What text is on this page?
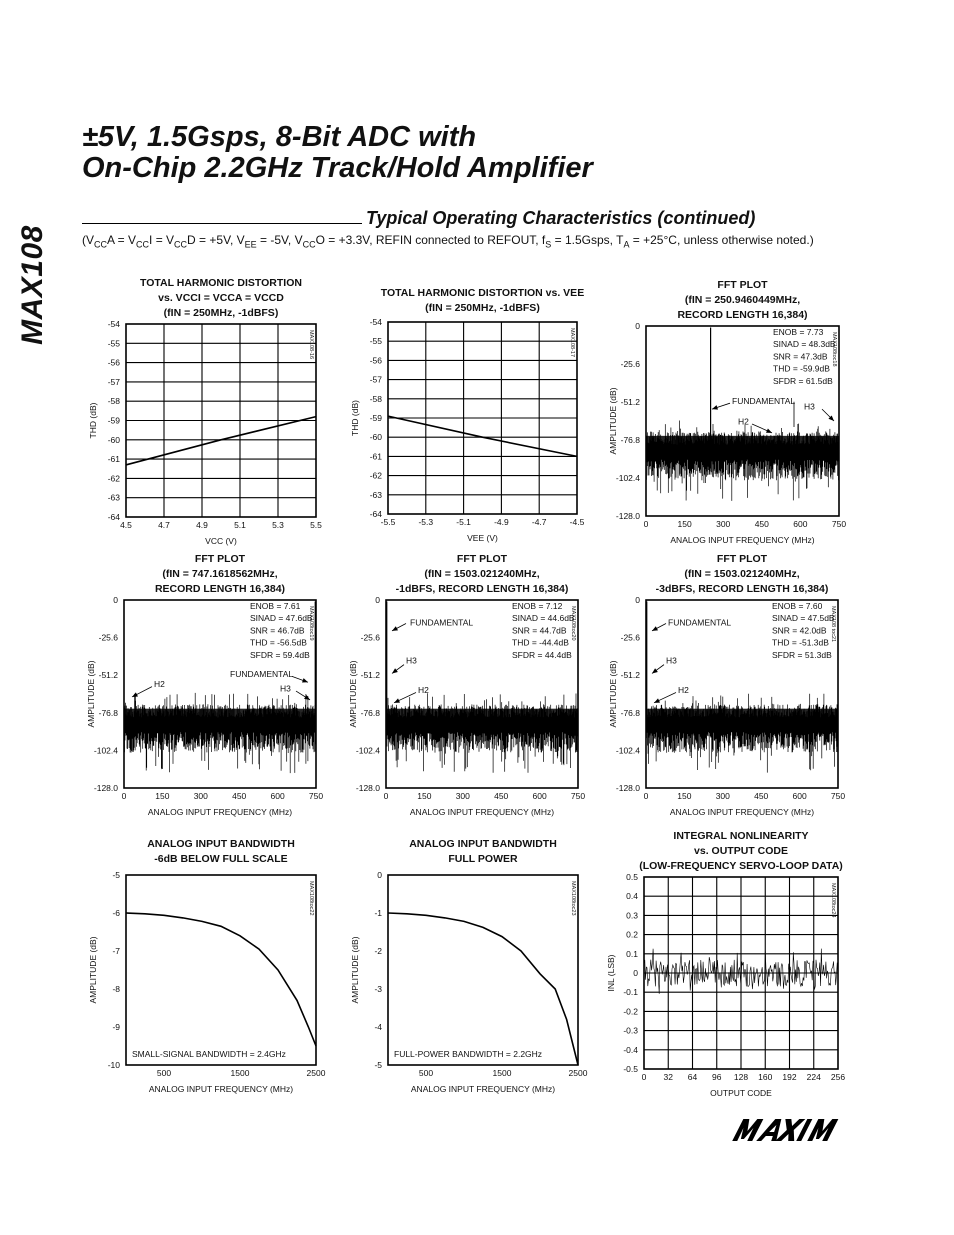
MAX108
±5V, 1.5Gsps, 8-Bit ADC with
On-Chip 2.2GHz Track/Hold Amplifier
Typical Operating Characteristics (continued)
($V_{CC}A = V_{CC}I = V_{CC}D = +5V$, $V_{EE} = -5V$, $V_{CC}O = +3.3V$, REFIN connected to REFOUT, $f_S$ = 1.5Gsps, $T_A = +25^\circ C$, unless otherwise noted.)
TOTAL HARMONIC DISTORTION
vs. VCCI = VCCA = VCCD
(fIN = 250MHz, -1dBFS)
-54
-55
-56
-57
-58
-59
-60
-61
-62
-63
-64
4.5	4.7	4.9	5.1	5.3	5.5
VCC (V)
THD (dB)
MAX108-16
TOTAL HARMONIC DISTORTION vs. VEE
(fIN = 250MHz, -1dBFS)
-54
-55
-56
-57
-58
-59
-60
-61
-62
-63
-64
-5.5	-5.3	-5.1	-4.9	-4.7	-4.5
VEE (V)
THD (dB)
MAX108-17
FFT PLOT
(fIN = 250.9460449MHz,
RECORD LENGTH 16,384)
0
-25.6
-51.2
-76.8
-102.4
-128.0
0	150	300	450	600	750
ANALOG INPUT FREQUENCY (MHz)
AMPLITUDE (dB)
MAX108toc18
ENOB = 7.73
SINAD = 48.3dB
SNR = 47.3dB
THD = -59.9dB
SFDR = 61.5dB
FUNDAMENTAL
H2
H3
FFT PLOT
(fIN = 747.1618562MHz,
RECORD LENGTH 16,384)
0
-25.6
-51.2
-76.8
-102.4
-128.0
0	150	300	450	600	750
ANALOG INPUT FREQUENCY (MHz)
AMPLITUDE (dB)
MAX108toc19
ENOB = 7.61
SINAD = 47.6dB
SNR = 46.7dB
THD = -56.5dB
SFDR = 59.4dB
FUNDAMENTAL
H2	H3
FFT PLOT
(fIN = 1503.021240MHz,
-1dBFS, RECORD LENGTH 16,384)
0
-25.6
-51.2
-76.8
-102.4
-128.0
0	150	300	450	600	750
ANALOG INPUT FREQUENCY (MHz)
AMPLITUDE (dB)
MAX108toc20
ENOB = 7.12
SINAD = 44.6dB
SNR = 44.7dB
THD = -44.4dB
SFDR = 44.4dB
FUNDAMENTAL
H3
H2
FFT PLOT
(fIN = 1503.021240MHz,
-3dBFS, RECORD LENGTH 16,384)
0
-25.6
-51.2
-76.8
-102.4
-128.0
0	150	300	450	600	750
ANALOG INPUT FREQUENCY (MHz)
AMPLITUDE (dB)
MAX108 toc21
ENOB = 7.60
SINAD = 47.5dB
SNR = 42.0dB
THD = -51.3dB
SFDR = 51.3dB
FUNDAMENTAL
H3
H2
ANALOG INPUT BANDWIDTH
-6dB BELOW FULL SCALE
-5
-6
-7
-8
-9
-10
500	1500	2500
ANALOG INPUT FREQUENCY (MHz)
AMPLITUDE (dB)
MAX108toc22
SMALL-SIGNAL BANDWIDTH = 2.4GHz
ANALOG INPUT BANDWIDTH
FULL POWER
0
-1
-2
-3
-4
-5
500	1500	2500
ANALOG INPUT FREQUENCY (MHz)
AMPLITUDE (dB)
MAX108toc23
FULL-POWER BANDWIDTH = 2.2GHz
INTEGRAL NONLINEARITY
vs. OUTPUT CODE
(LOW-FREQUENCY SERVO-LOOP DATA)
0.5
0.4
0.3
0.2
0.1
0
-0.1
-0.2
-0.3
-0.4
-0.5
0 32 64 96 128 160 192 224 256
OUTPUT CODE
INL (LSB)
MAX108toc24
